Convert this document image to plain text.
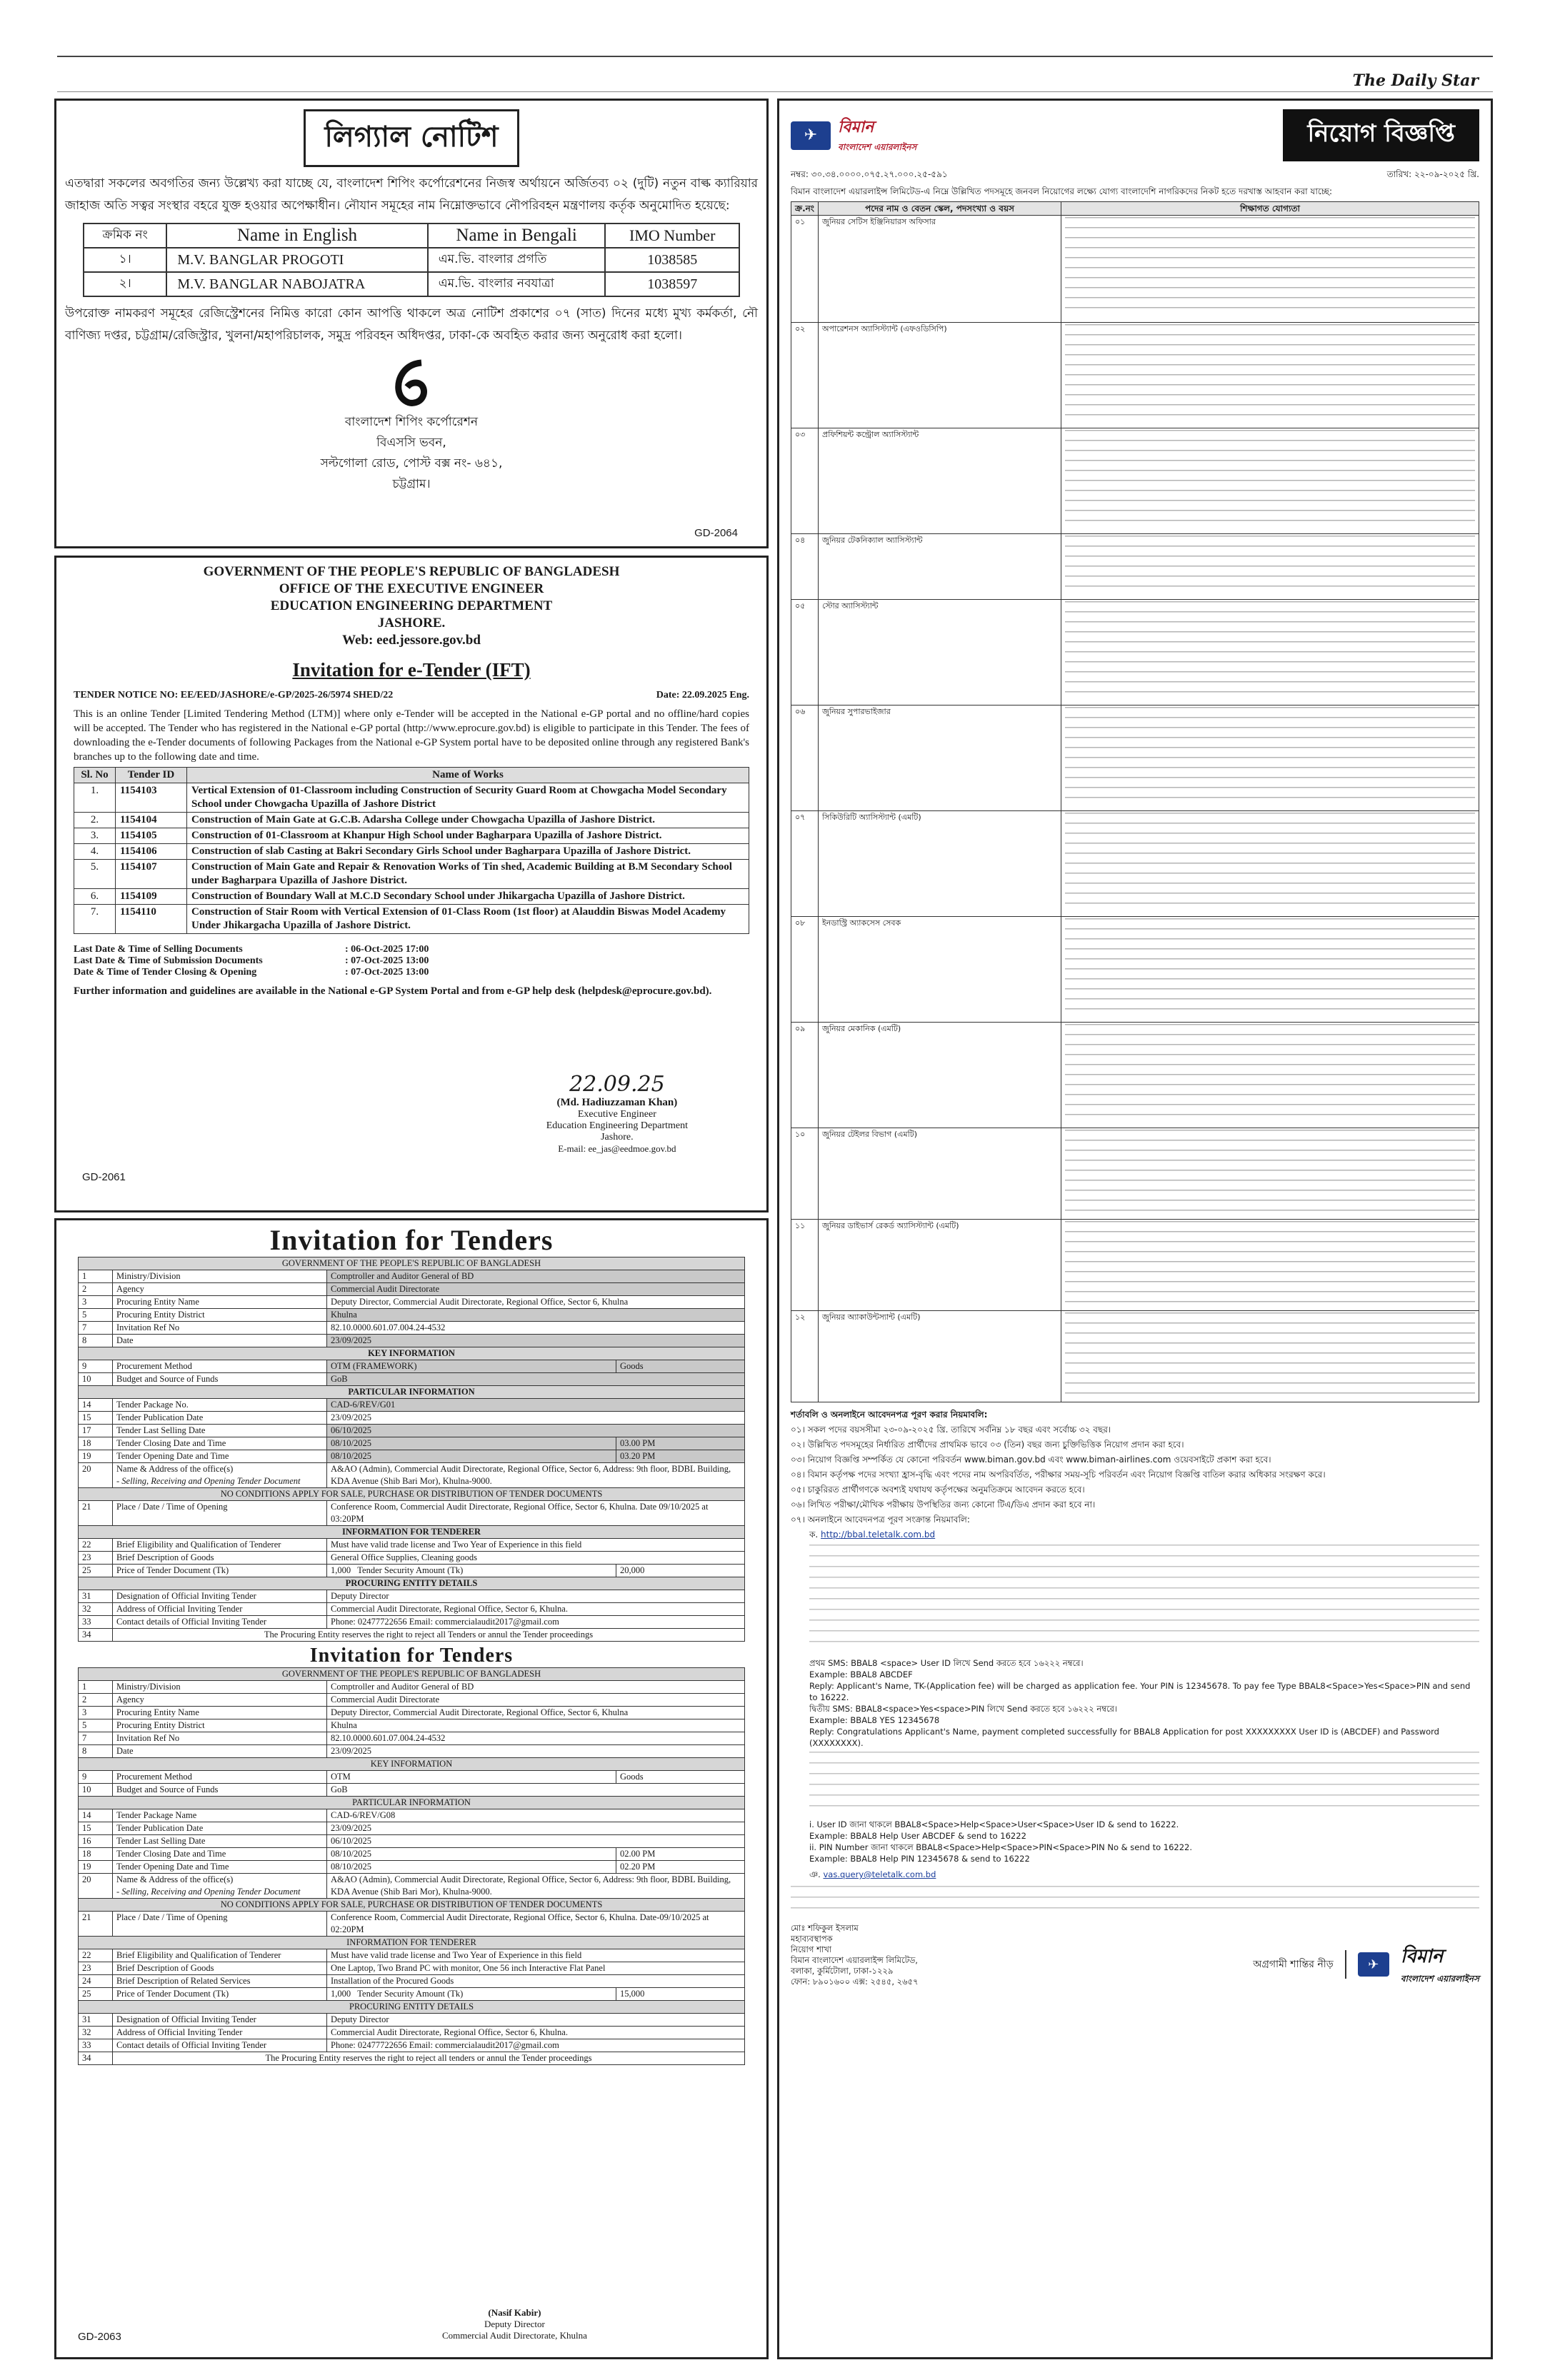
The Daily Star
লিগ্যাল নোটিশ

এতদ্বারা সকলের অবগতির জন্য উল্লেখ্য করা যাচ্ছে যে, বাংলাদেশ শিপিং কর্পোরেশনের নিজস্ব অর্থায়নে অর্জিতব্য ০২ (দুটি) নতুন বাল্ক ক্যারিয়ার জাহাজ অতি সত্বর সংস্থার বহরে যুক্ত হওয়ার অপেক্ষাধীন। নৌযান সমূহের নাম নিম্নোক্তভাবে নৌপরিবহন মন্ত্রণালয় কর্তৃক অনুমোদিত হয়েছে:

ক্রমিক নং	Name in English	Name in Bengali	IMO Number
১।	M.V. BANGLAR PROGOTI	এম.ভি. বাংলার প্রগতি	1038585
২।	M.V. BANGLAR NABOJATRA	এম.ভি. বাংলার নবযাত্রা	1038597

উপরোক্ত নামকরণ সমূহের রেজিস্ট্রেশনের নিমিত্ত কারো কোন আপত্তি থাকলে অত্র নোটিশ প্রকাশের ০৭ (সাত) দিনের মধ্যে মুখ্য কর্মকর্তা, নৌ বাণিজ্য দপ্তর, চট্টগ্রাম/রেজিস্ট্রার, খুলনা/মহাপরিচালক, সমুদ্র পরিবহন অধিদপ্তর, ঢাকা-কে অবহিত করার জন্য অনুরোধ করা হলো।

বাংলাদেশ শিপিং কর্পোরেশন
বিএসসি ভবন,
সল্টগোলা রোড, পোস্ট বক্স নং- ৬৪১,
চট্টগ্রাম।
GD-2064
GOVERNMENT OF THE PEOPLE'S REPUBLIC OF BANGLADESH
OFFICE OF THE EXECUTIVE ENGINEER
EDUCATION ENGINEERING DEPARTMENT
JASHORE.
Web: eed.jessore.gov.bd
Invitation for e-Tender (IFT)
TENDER NOTICE NO: EE/EED/JASHORE/e-GP/2025-26/5974 SHED/22	Date: 22.09.2025 Eng.

This is an online Tender [Limited Tendering Method (LTM)] where only e-Tender will be accepted in the National e-GP portal and no offline/hard copies will be accepted. The Tender who has registered in the National e-GP portal (http://www.eprocure.gov.bd) is eligible to participate in this Tender. The fees of downloading the e-Tender documents of following Packages from the National e-GP System portal have to be deposited online through any registered Bank's branches up to the following date and time.

Sl. No	Tender ID	Name of Works
1.	1154103	Vertical Extension of 01-Classroom including Construction of Security Guard Room at Chowgacha Model Secondary School under Chowgacha Upazilla of Jashore District
2.	1154104	Construction of Main Gate at G.C.B. Adarsha College under Chowgacha Upazilla of Jashore District.
3.	1154105	Construction of 01-Classroom at Khanpur High School under Bagharpara Upazilla of Jashore District.
4.	1154106	Construction of slab Casting at Bakri Secondary Girls School under Bagharpara Upazilla of Jashore District.
5.	1154107	Construction of Main Gate and Repair & Renovation Works of Tin shed, Academic Building at B.M Secondary School under Bagharpara Upazilla of Jashore District.
6.	1154109	Construction of Boundary Wall at M.C.D Secondary School under Jhikargacha Upazilla of Jashore District.
7.	1154110	Construction of Stair Room with Vertical Extension of 01-Class Room (1st floor) at Alauddin Biswas Model Academy Under Jhikargacha Upazilla of Jashore District.
Last Date & Time of Selling Documents	: 06-Oct-2025 17:00
Last Date & Time of Submission Documents	: 07-Oct-2025 13:00
Date & Time of Tender Closing & Opening	: 07-Oct-2025 13:00

Further information and guidelines are available in the National e-GP System Portal and from e-GP help desk (helpdesk@eprocure.gov.bd).

22.09.25
(Md. Hadiuzzaman Khan)
Executive Engineer
Education Engineering Department
Jashore.
E-mail: ee_jas@eedmoe.gov.bd
GD-2061
Invitation for Tenders
GOVERNMENT OF THE PEOPLE'S REPUBLIC OF BANGLADESH			
1	Ministry/Division	Comptroller and Auditor General of BD	
2	Agency	Commercial Audit Directorate	
3	Procuring Entity Name	Deputy Director, Commercial Audit Directorate, Regional Office, Sector 6, Khulna	
5	Procuring Entity District	Khulna	
7	Invitation Ref No	82.10.0000.601.07.004.24-4532	
8	Date	23/09/2025	
KEY INFORMATION			
9	Procurement Method	OTM (FRAMEWORK)	Goods
10	Budget and Source of Funds	GoB	
PARTICULAR INFORMATION			
14	Tender Package No.	CAD-6/REV/G01	
15	Tender Publication Date	23/09/2025	
17	Tender Last Selling Date	06/10/2025	
18	Tender Closing Date and Time	08/10/2025	03.00 PM
19	Tender Opening Date and Time	08/10/2025	03.20 PM
20	Name & Address of the office(s)
- Selling, Receiving and Opening Tender Document	A&AO (Admin), Commercial Audit Directorate, Regional Office, Sector 6, Address: 9th floor, BDBL Building, KDA Avenue (Shib Bari Mor), Khulna-9000.	
NO CONDITIONS APPLY FOR SALE, PURCHASE OR DISTRIBUTION OF TENDER DOCUMENTS			
21	Place / Date / Time of Opening	Conference Room, Commercial Audit Directorate, Regional Office, Sector 6, Khulna. Date 09/10/2025 at 03:20PM	
INFORMATION FOR TENDERER			
22	Brief Eligibility and Qualification of Tenderer	Must have valid trade license and Two Year of Experience in this field	
23	Brief Description of Goods	General Office Supplies, Cleaning goods	
25	Price of Tender Document (Tk)	1,000 Tender Security Amount (Tk)	20,000
PROCURING ENTITY DETAILS			
31	Designation of Official Inviting Tender	Deputy Director	
32	Address of Official Inviting Tender	Commercial Audit Directorate, Regional Office, Sector 6, Khulna.	
33	Contact details of Official Inviting Tender	Phone: 02477722656 Email: commercialaudit2017@gmail.com	
34	The Procuring Entity reserves the right to reject all Tenders or annul the Tender proceedings		
Invitation for Tenders
GOVERNMENT OF THE PEOPLE'S REPUBLIC OF BANGLADESH			
1	Ministry/Division	Comptroller and Auditor General of BD	
2	Agency	Commercial Audit Directorate	
3	Procuring Entity Name	Deputy Director, Commercial Audit Directorate, Regional Office, Sector 6, Khulna	
5	Procuring Entity District	Khulna	
7	Invitation Ref No	82.10.0000.601.07.004.24-4532	
8	Date	23/09/2025	
KEY INFORMATION			
9	Procurement Method	OTM	Goods
10	Budget and Source of Funds	GoB	
PARTICULAR INFORMATION			
14	Tender Package Name	CAD-6/REV/G08	
15	Tender Publication Date	23/09/2025	
16	Tender Last Selling Date	06/10/2025	
18	Tender Closing Date and Time	08/10/2025	02.00 PM
19	Tender Opening Date and Time	08/10/2025	02.20 PM
20	Name & Address of the office(s)
- Selling, Receiving and Opening Tender Document	A&AO (Admin), Commercial Audit Directorate, Regional Office, Sector 6, Address: 9th floor, BDBL Building, KDA Avenue (Shib Bari Mor), Khulna-9000.	
NO CONDITIONS APPLY FOR SALE, PURCHASE OR DISTRIBUTION OF TENDER DOCUMENTS			
21	Place / Date / Time of Opening	Conference Room, Commercial Audit Directorate, Regional Office, Sector 6, Khulna. Date-09/10/2025 at 02:20PM	
INFORMATION FOR TENDERER			
22	Brief Eligibility and Qualification of Tenderer	Must have valid trade license and Two Year of Experience in this field	
23	Brief Description of Goods	One Laptop, Two Brand PC with monitor, One 56 inch Interactive Flat Panel	
24	Brief Description of Related Services	Installation of the Procured Goods	
25	Price of Tender Document (Tk)	1,000 Tender Security Amount (Tk)	15,000
PROCURING ENTITY DETAILS			
31	Designation of Official Inviting Tender	Deputy Director	
32	Address of Official Inviting Tender	Commercial Audit Directorate, Regional Office, Sector 6, Khulna.	
33	Contact details of Official Inviting Tender	Phone: 02477722656 Email: commercialaudit2017@gmail.com	
34	The Procuring Entity reserves the right to reject all tenders or annul the Tender proceedings		
(Nasif Kabir)
Deputy Director
Commercial Audit Directorate, Khulna
GD-2063
✈	বিমান
বাংলাদেশ এয়ারলাইনস	নিয়োগ বিজ্ঞপ্তি
নম্বর: ৩০.৩৪.০০০০.০৭৫.২৭.০০০.২৫-৫৯১	তারিখ: ২২-০৯-২০২৫ খ্রি.

বিমান বাংলাদেশ এয়ারলাইন্স লিমিটেড-এ নিম্নে উল্লিখিত পদসমূহে জনবল নিয়োগের লক্ষ্যে যোগ্য বাংলাদেশি নাগরিকদের নিকট হতে দরখাস্ত আহবান করা যাচ্ছে:

ক্র.নং	পদের নাম ও বেতন স্কেল, পদসংখ্যা ও বয়স	শিক্ষাগত যোগ্যতা
০১	জুনিয়র সেটিস ইঞ্জিনিয়ারস অফিসার	

০২	অপারেশনস অ্যাসিস্ট্যান্ট (এফওডিসিপি)	

০৩	প্রফিশিয়ন্ট কন্ট্রোল অ্যাসিস্ট্যান্ট	

০৪	জুনিয়র টেকনিক্যাল অ্যাসিস্ট্যান্ট	

০৫	স্টোর অ্যাসিস্ট্যান্ট	

০৬	জুনিয়র সুপারভাইজার	

০৭	সিকিউরিটি অ্যাসিস্ট্যান্ট (এমটি)	

০৮	ইনডাস্ট্রি অ্যাকসেস সেবক	

০৯	জুনিয়র মেকানিক (এমটি)	

১০	জুনিয়র টেইলর বিভাগ (এমটি)	

১১	জুনিয়র ডাইভার্স রেকর্ড অ্যাসিস্ট্যান্ট (এমটি)	

১২	জুনিয়র অ্যাকাউন্টস্যান্ট (এমটি)	
শর্তাবলি ও অনলাইনে আবেদনপত্র পূরণ করার নিয়মাবলি:
০১। সকল পদের বয়সসীমা ২৩-০৯-২০২৫ খ্রি. তারিখে সর্বনিম্ন ১৮ বছর এবং সর্বোচ্চ ৩২ বছর।
০২। উল্লিখিত পদসমূহের নির্ধারিত প্রার্থীদের প্রাথমিক ভাবে ০৩ (তিন) বছর জন্য চুক্তিভিত্তিক নিয়োগ প্রদান করা হবে।
০৩। নিয়োগ বিজ্ঞপ্তি সম্পর্কিত যে কোনো পরিবর্তন www.biman.gov.bd এবং www.biman-airlines.com ওয়েবসাইটে প্রকাশ করা হবে।
০৪। বিমান কর্তৃপক্ষ পদের সংখ্যা হ্রাস-বৃদ্ধি এবং পদের নাম অপরিবর্তিত, পরীক্ষার সময়-সূচি পরিবর্তন এবং নিয়োগ বিজ্ঞপ্তি বাতিল করার অধিকার সংরক্ষণ করে।
০৫। চাকুরিরত প্রার্থীগণকে অবশ্যই যথাযথ কর্তৃপক্ষের অনুমতিক্রমে আবেদন করতে হবে।
০৬। লিখিত পরীক্ষা/মৌখিক পরীক্ষায় উপস্থিতির জন্য কোনো টিএ/ডিএ প্রদান করা হবে না।
০৭। অনলাইনে আবেদনপত্র পূরণ সংক্রান্ত নিয়মাবলি:
ক. http://bbal.teletalk.com.bd
প্রথম SMS: BBAL8 <space> User ID লিখে Send করতে হবে ১৬২২২ নম্বরে।
Example: BBAL8 ABCDEF
Reply: Applicant's Name, TK-(Application fee) will be charged as application fee. Your PIN is 12345678. To pay fee Type BBAL8<Space>Yes<Space>PIN and send to 16222.
দ্বিতীয় SMS: BBAL8<space>Yes<space>PIN লিখে Send করতে হবে ১৬২২২ নম্বরে।
Example: BBAL8 YES 12345678
Reply: Congratulations Applicant's Name, payment completed successfully for BBAL8 Application for post XXXXXXXXX User ID is (ABCDEF) and Password (XXXXXXXX).
i. User ID জানা থাকলে BBAL8<Space>Help<Space>User<Space>User ID & send to 16222.
Example: BBAL8 Help User ABCDEF & send to 16222
ii. PIN Number জানা থাকলে BBAL8<Space>Help<Space>PIN<Space>PIN No & send to 16222.
Example: BBAL8 Help PIN 12345678 & send to 16222
ঞ. vas.query@teletalk.com.bd
মোঃ শফিকুল ইসলাম
মহাব্যবস্থাপক
নিয়োগ শাখা
বিমান বাংলাদেশ এয়ারলাইন্স লিমিটেড,
বলাকা, কুর্মিটোলা, ঢাকা-১২২৯
ফোন: ৮৯০১৬০০ এক্স: ২৫৪৫, ২৬৫৭
অগ্রগামী শান্তির নীড়	✈	বিমান
বাংলাদেশ এয়ারলাইনস
